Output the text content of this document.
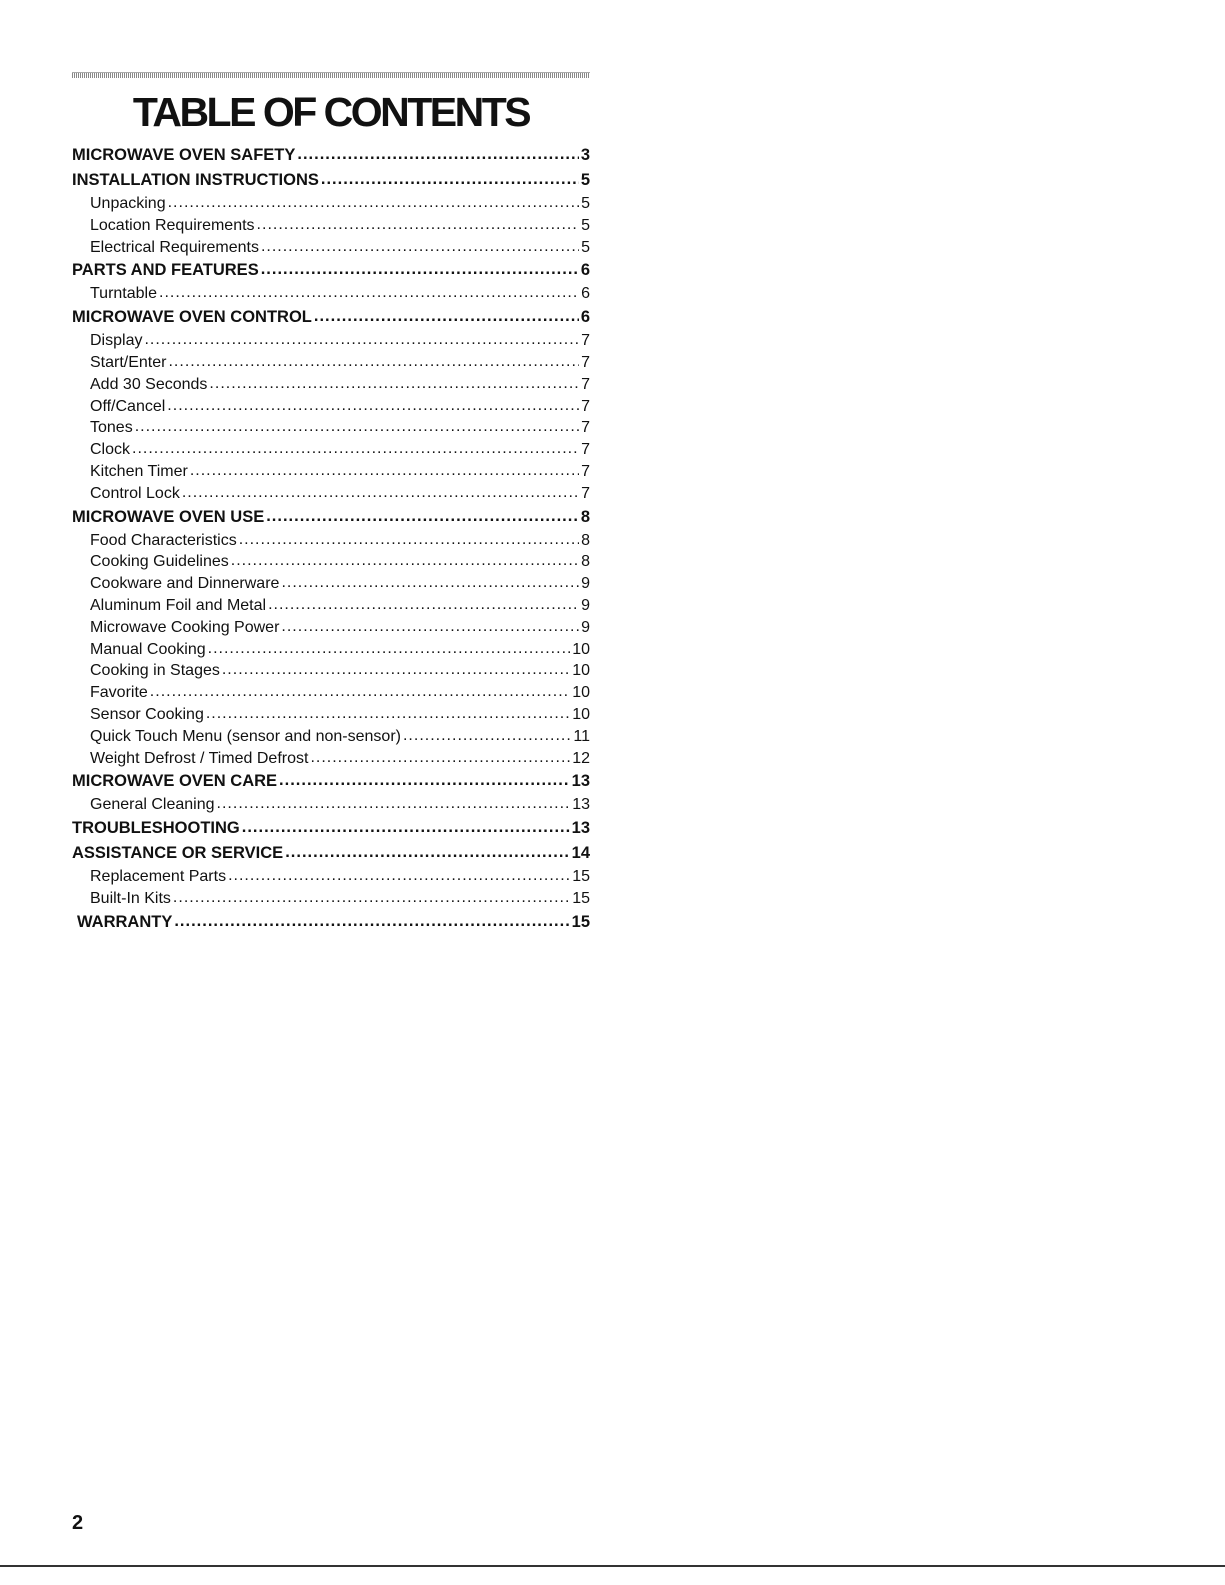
TABLE OF CONTENTS
MICROWAVE OVEN SAFETY .....	3
INSTALLATION INSTRUCTIONS .....	5
Unpacking .....	5
Location Requirements .....	5
Electrical Requirements .....	5
PARTS AND FEATURES .....	6
Turntable .....	6
MICROWAVE OVEN CONTROL .....	6
Display .....	7
Start/Enter .....	7
Add 30 Seconds .....	7
Off/Cancel .....	7
Tones .....	7
Clock .....	7
Kitchen Timer .....	7
Control Lock .....	7
MICROWAVE OVEN USE .....	8
Food Characteristics .....	8
Cooking Guidelines .....	8
Cookware and Dinnerware .....	9
Aluminum Foil and Metal .....	9
Microwave Cooking Power .....	9
Manual Cooking .....	10
Cooking in Stages .....	10
Favorite .....	10
Sensor Cooking .....	10
Quick Touch Menu (sensor and non-sensor) .....	11
Weight Defrost / Timed Defrost .....	12
MICROWAVE OVEN CARE .....	13
General Cleaning .....	13
TROUBLESHOOTING .....	13
ASSISTANCE OR SERVICE .....	14
Replacement Parts .....	15
Built-In Kits .....	15
WARRANTY .....	15
2
